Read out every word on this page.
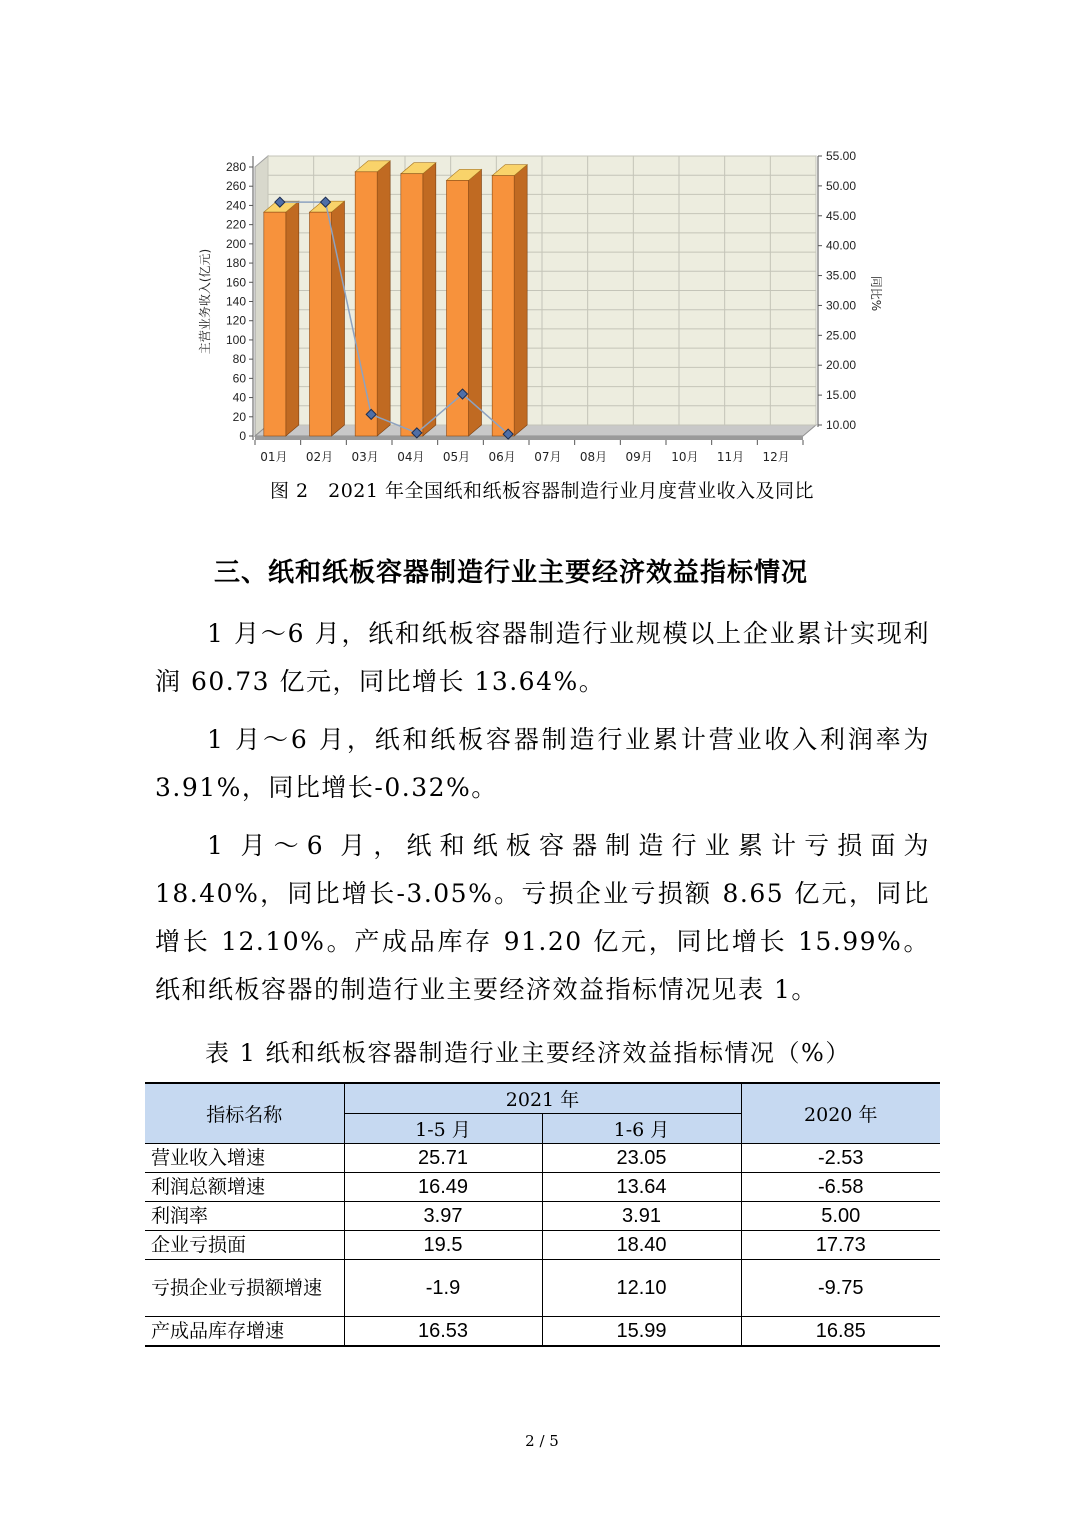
0
20
40
60
80
100
120
140
160
180
200
220
240
260
280
10.00
15.00
20.00
25.00
30.00
35.00
40.00
45.00
50.00
55.00
主营业务收入(亿元)	同比%
01月 02月 03月 04月 05月 06月 07月 08月 09月 10月 11月 12月
图 2　2021 年全国纸和纸板容器制造行业月度营业收入及同比
三、纸和纸板容器制造行业主要经济效益指标情况

1 月～6 月，纸和纸板容器制造行业规模以上企业累计实现利润 60.73 亿元，同比增长 13.64%。

1 月～6 月，纸和纸板容器制造行业累计营业收入利润率为 3.91%，同比增长-0.32%。

1 月～6 月，纸和纸板容器制造行业累计亏损面为 18.40%，同比增长-3.05%。亏损企业亏损额 8.65 亿元，同比增长 12.10%。产成品库存 91.20 亿元，同比增长 15.99%。纸和纸板容器的制造行业主要经济效益指标情况见表 1。

表 1 纸和纸板容器制造行业主要经济效益指标情况（%）
指标名称	2021 年		2020 年
	1-5 月	1-6 月	
营业收入增速	25.71	23.05	-2.53
利润总额增速	16.49	13.64	-6.58
利润率	3.97	3.91	5.00
企业亏损面	19.5	18.40	17.73
亏损企业亏损额增速	-1.9	12.10	-9.75
产成品库存增速	16.53	15.99	16.85
2 / 5
